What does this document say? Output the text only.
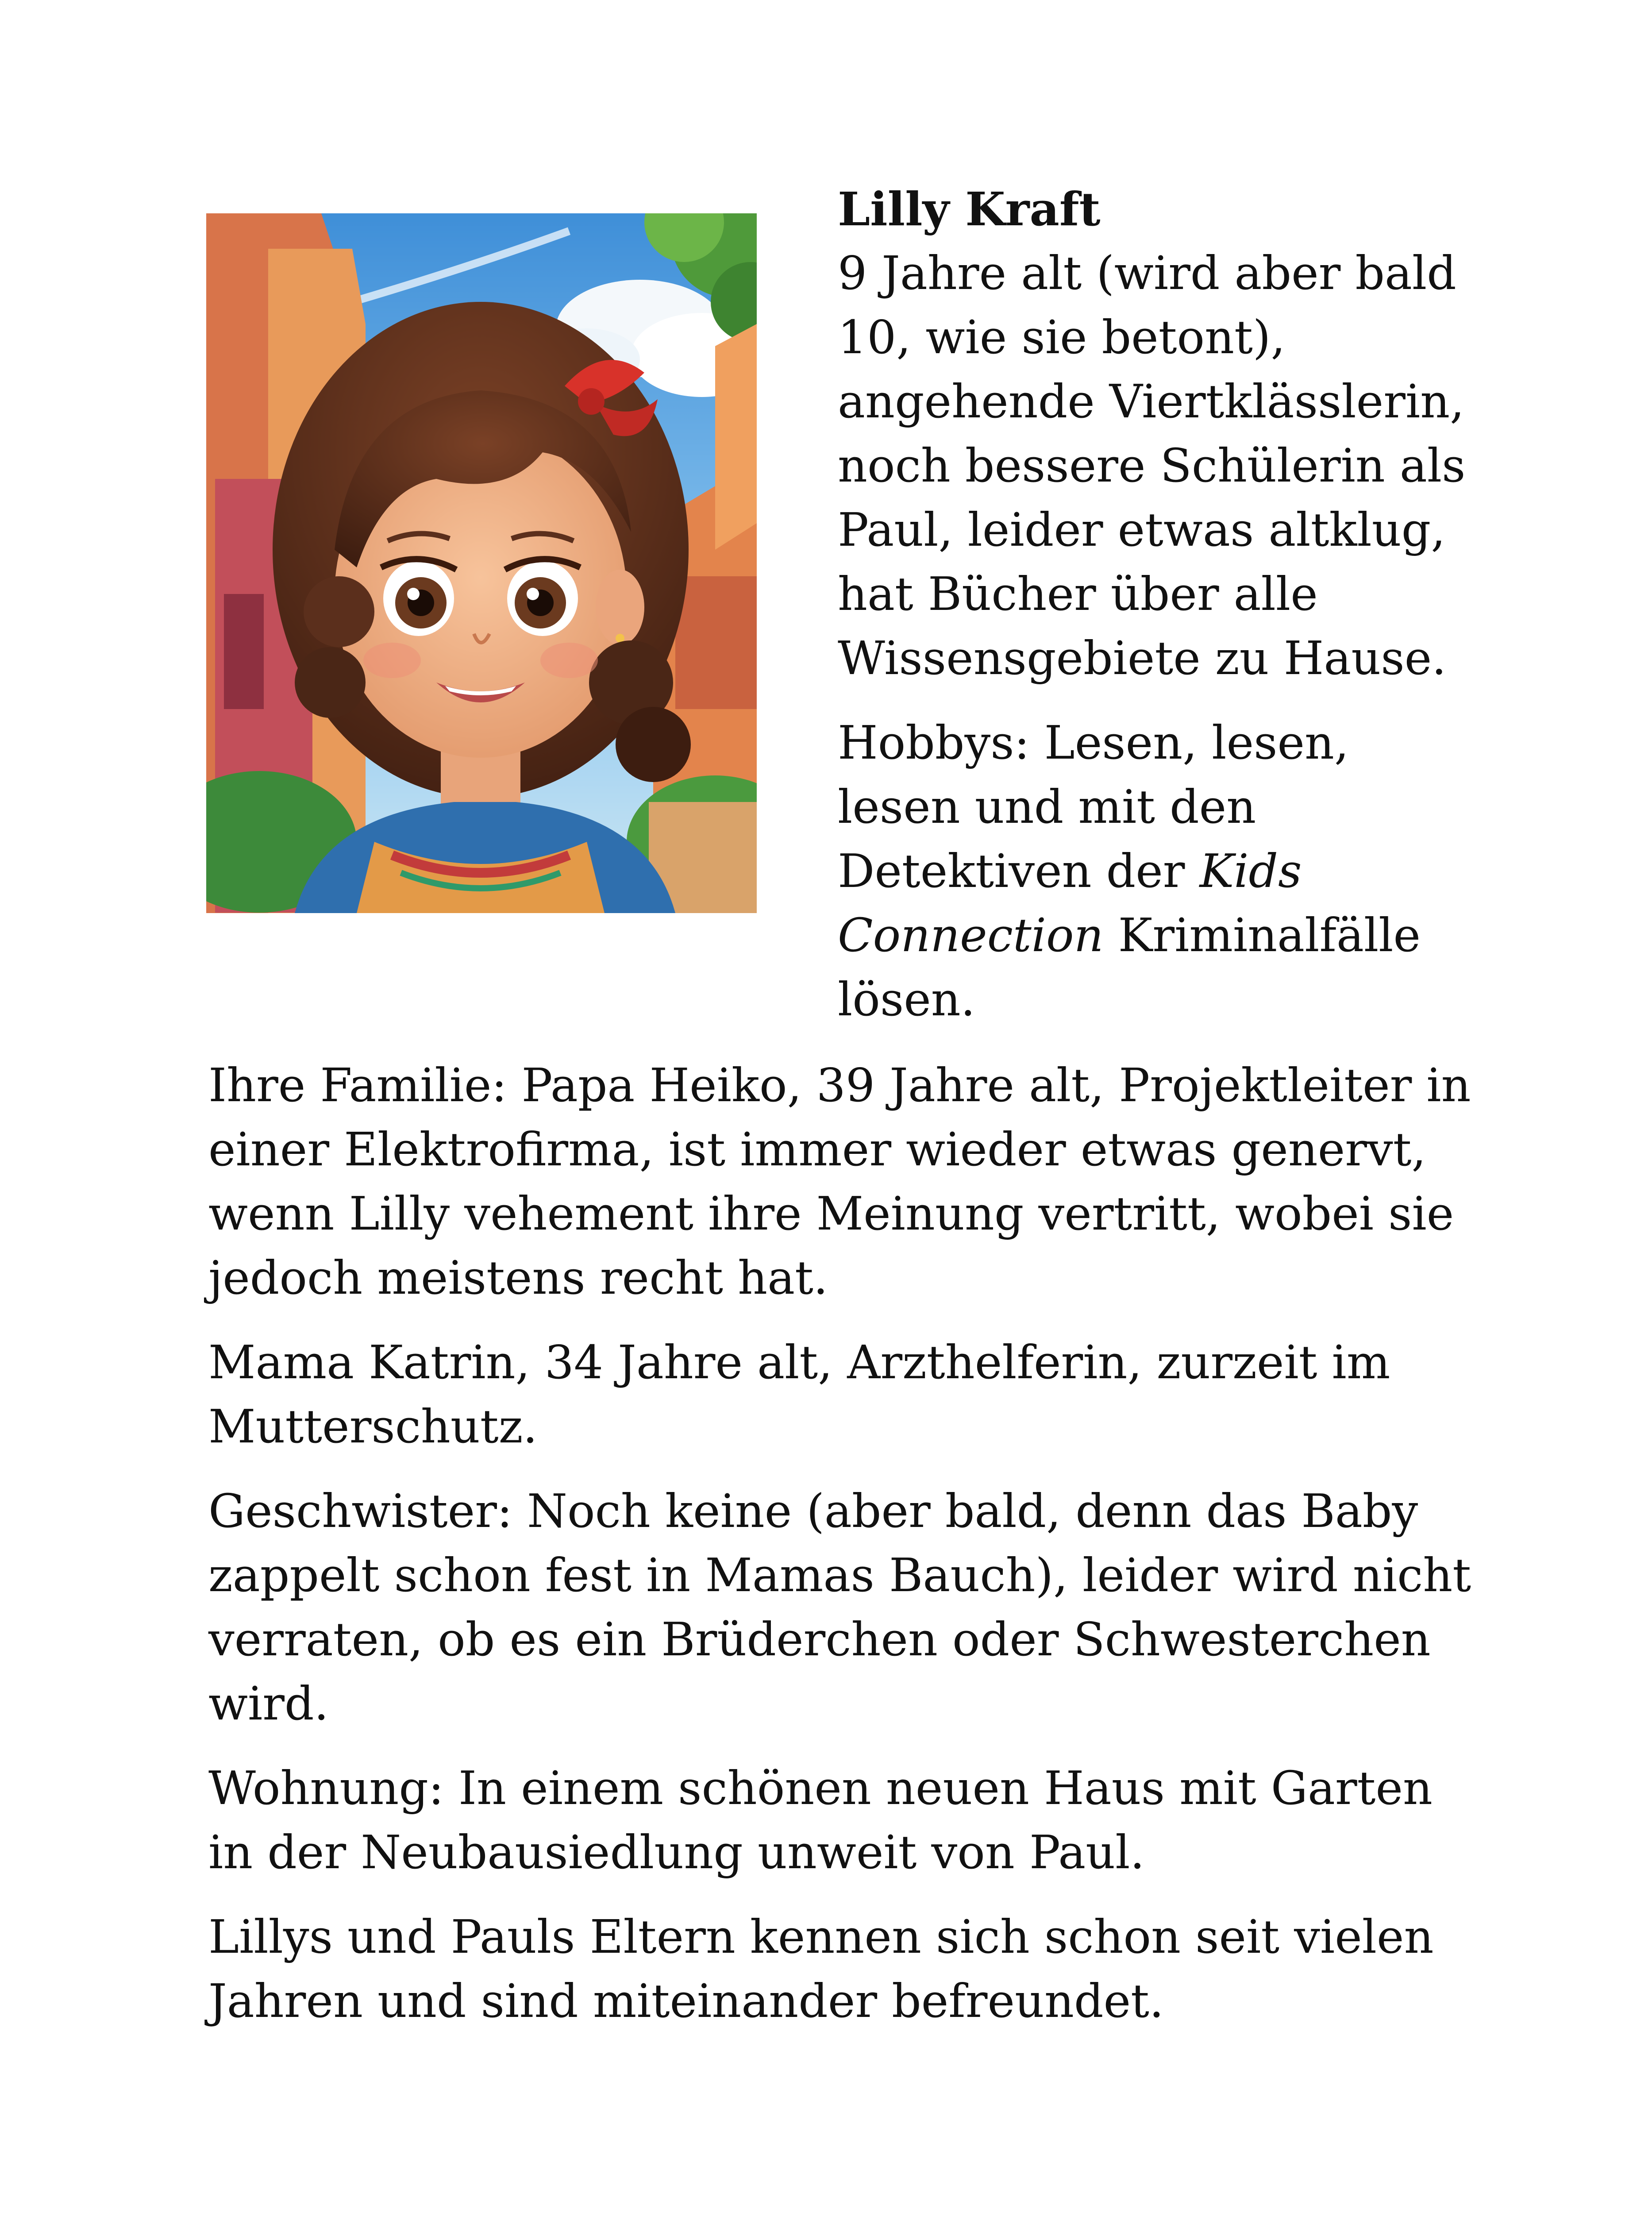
Lilly Kraft
9 Jahre alt (wird aber bald 10, wie sie betont), angehende Viertklässlerin, noch bessere Schülerin als Paul, leider etwas altklug, hat Bücher über alle Wissensgebiete zu Hause.

Hobbys: Lesen, lesen, lesen und mit den Detektiven der Kids Connection Kriminalfälle lösen.

Ihre Familie: Papa Heiko, 39 Jahre alt, Projektleiter in einer Elektrofirma, ist immer wieder etwas genervt, wenn Lilly vehement ihre Meinung vertritt, wobei sie jedoch meistens recht hat.

Mama Katrin, 34 Jahre alt, Arzthelferin, zurzeit im Mutterschutz.

Geschwister: Noch keine (aber bald, denn das Baby zappelt schon fest in Mamas Bauch), leider wird nicht verraten, ob es ein Brüderchen oder Schwesterchen wird.

Wohnung: In einem schönen neuen Haus mit Garten in der Neubausiedlung unweit von Paul.

Lillys und Pauls Eltern kennen sich schon seit vielen Jahren und sind miteinander befreundet.
